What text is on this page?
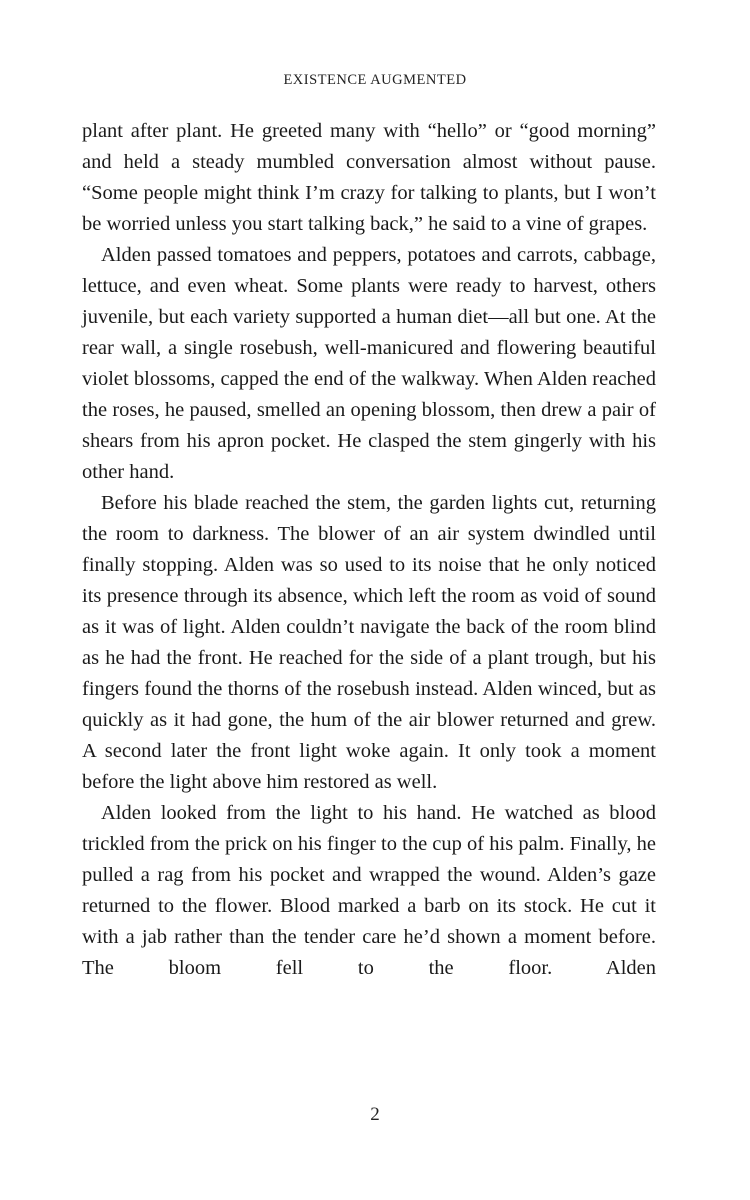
EXISTENCE AUGMENTED

plant after plant. He greeted many with “hello” or “good morning” and held a steady mumbled conversation almost without pause. “Some people might think I’m crazy for talking to plants, but I won’t be worried unless you start talking back,” he said to a vine of grapes.

Alden passed tomatoes and peppers, potatoes and carrots, cabbage, lettuce, and even wheat. Some plants were ready to harvest, others juvenile, but each variety supported a human diet—all but one. At the rear wall, a single rosebush, well-manicured and flowering beautiful violet blossoms, capped the end of the walkway. When Alden reached the roses, he paused, smelled an opening blossom, then drew a pair of shears from his apron pocket. He clasped the stem gingerly with his other hand.

Before his blade reached the stem, the garden lights cut, returning the room to darkness. The blower of an air system dwindled until finally stopping. Alden was so used to its noise that he only noticed its presence through its absence, which left the room as void of sound as it was of light. Alden couldn’t navigate the back of the room blind as he had the front. He reached for the side of a plant trough, but his fingers found the thorns of the rosebush instead. Alden winced, but as quickly as it had gone, the hum of the air blower returned and grew. A second later the front light woke again. It only took a moment before the light above him restored as well.

Alden looked from the light to his hand. He watched as blood trickled from the prick on his finger to the cup of his palm. Finally, he pulled a rag from his pocket and wrapped the wound. Alden’s gaze returned to the flower. Blood marked a barb on its stock. He cut it with a jab rather than the tender care he’d shown a moment before. The bloom fell to the floor. Alden

2
